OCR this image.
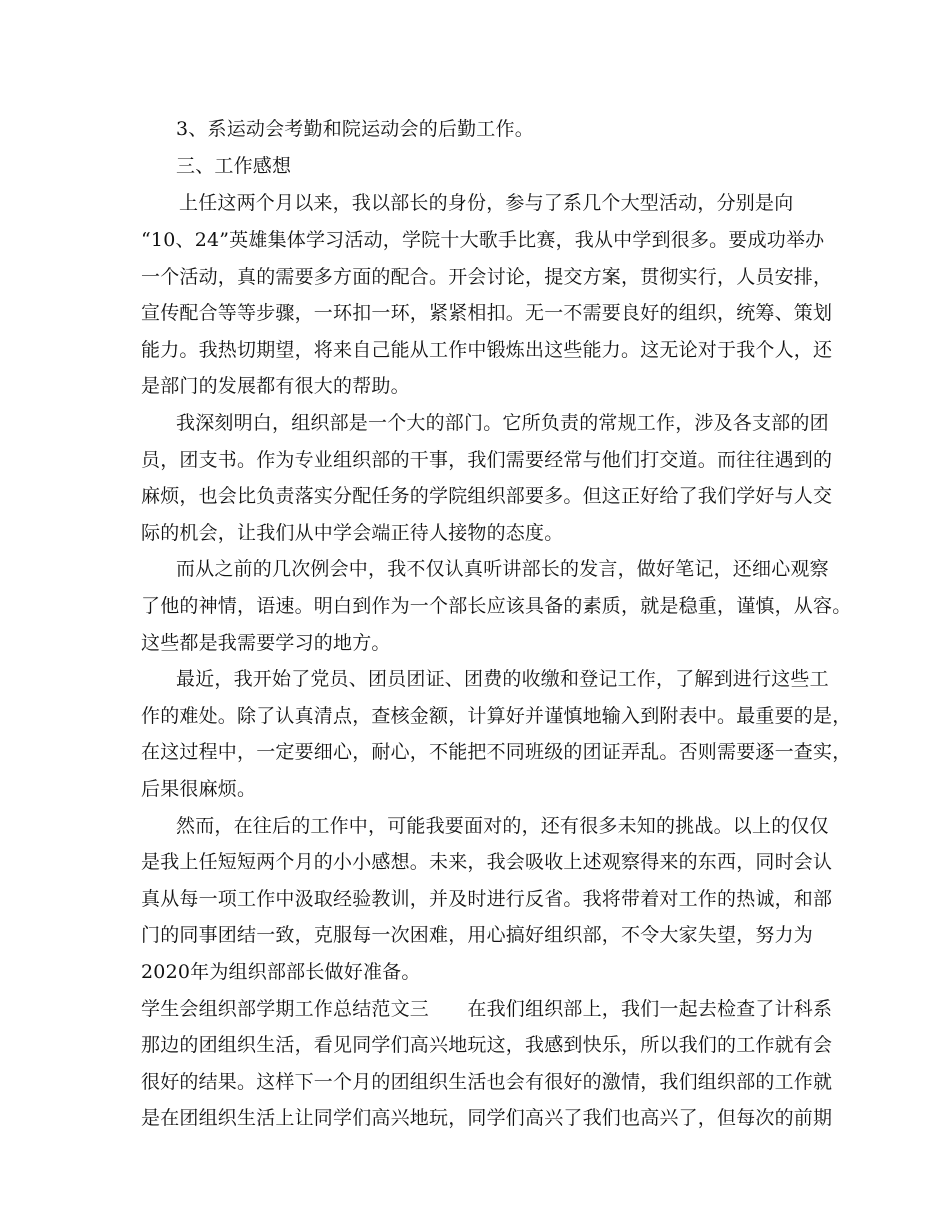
3、系运动会考勤和院运动会的后勤工作。
三、工作感想
上任这两个月以来，我以部长的身份，参与了系几个大型活动，分别是向
“10、24”英雄集体学习活动，学院十大歌手比赛，我从中学到很多。要成功举办
一个活动，真的需要多方面的配合。开会讨论，提交方案，贯彻实行，人员安排，
宣传配合等等步骤，一环扣一环，紧紧相扣。无一不需要良好的组织，统筹、策划
能力。我热切期望，将来自己能从工作中锻炼出这些能力。这无论对于我个人，还
是部门的发展都有很大的帮助。
我深刻明白，组织部是一个大的部门。它所负责的常规工作，涉及各支部的团
员，团支书。作为专业组织部的干事，我们需要经常与他们打交道。而往往遇到的
麻烦，也会比负责落实分配任务的学院组织部要多。但这正好给了我们学好与人交
际的机会，让我们从中学会端正待人接物的态度。
而从之前的几次例会中，我不仅认真听讲部长的发言，做好笔记，还细心观察
了他的神情，语速。明白到作为一个部长应该具备的素质，就是稳重，谨慎，从容。
这些都是我需要学习的地方。
最近，我开始了党员、团员团证、团费的收缴和登记工作，了解到进行这些工
作的难处。除了认真清点，查核金额，计算好并谨慎地输入到附表中。最重要的是，
在这过程中，一定要细心，耐心，不能把不同班级的团证弄乱。否则需要逐一查实，
后果很麻烦。
然而，在往后的工作中，可能我要面对的，还有很多未知的挑战。以上的仅仅
是我上任短短两个月的小小感想。未来，我会吸收上述观察得来的东西，同时会认
真从每一项工作中汲取经验教训，并及时进行反省。我将带着对工作的热诚，和部
门的同事团结一致，克服每一次困难，用心搞好组织部，不令大家失望，努力为
2020年为组织部部长做好准备。
学生会组织部学期工作总结范文三　　在我们组织部上，我们一起去检查了计科系
那边的团组织生活，看见同学们高兴地玩这，我感到快乐，所以我们的工作就有会
很好的结果。这样下一个月的团组织生活也会有很好的激情，我们组织部的工作就
是在团组织生活上让同学们高兴地玩，同学们高兴了我们也高兴了，但每次的前期
